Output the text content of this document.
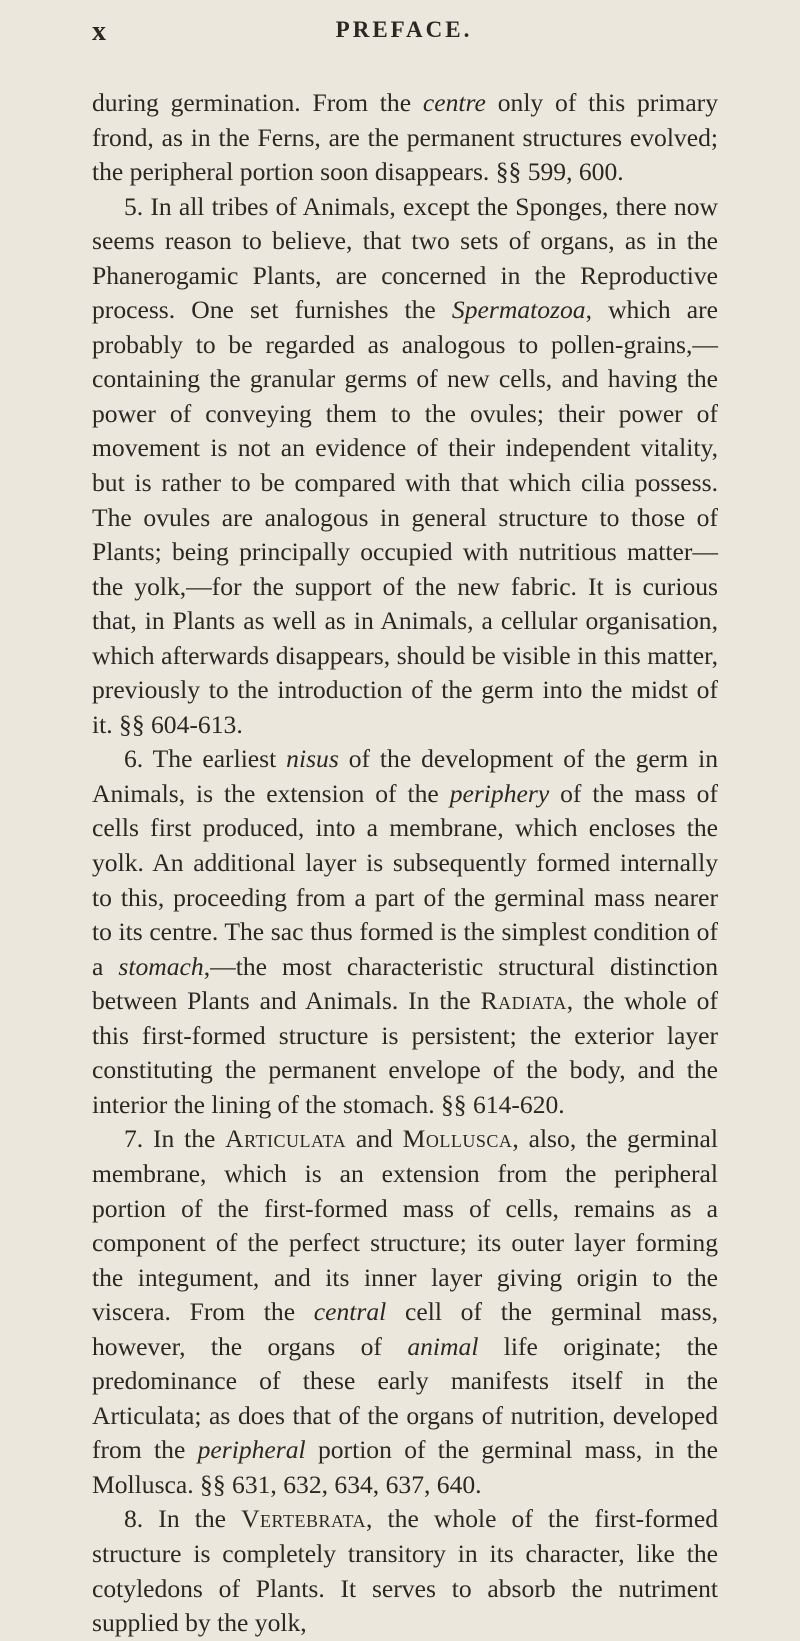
x	PREFACE.

during germination. From the centre only of this primary frond, as in the Ferns, are the permanent structures evolved; the peripheral portion soon disappears. §§ 599, 600.

5. In all tribes of Animals, except the Sponges, there now seems reason to believe, that two sets of organs, as in the Phanerogamic Plants, are concerned in the Reproductive process. One set furnishes the Spermatozoa, which are probably to be regarded as analogous to pollen-grains,—containing the granular germs of new cells, and having the power of conveying them to the ovules; their power of movement is not an evidence of their independent vitality, but is rather to be compared with that which cilia possess. The ovules are analogous in general structure to those of Plants; being principally occupied with nutritious matter—the yolk,—for the support of the new fabric. It is curious that, in Plants as well as in Animals, a cellular organisation, which afterwards disappears, should be visible in this matter, previously to the introduction of the germ into the midst of it. §§ 604-613.

6. The earliest nisus of the development of the germ in Animals, is the extension of the periphery of the mass of cells first produced, into a membrane, which encloses the yolk. An additional layer is subsequently formed internally to this, proceeding from a part of the germinal mass nearer to its centre. The sac thus formed is the simplest condition of a stomach,—the most characteristic structural distinction between Plants and Animals. In the Radiata, the whole of this first-formed structure is persistent; the exterior layer constituting the permanent envelope of the body, and the interior the lining of the stomach. §§ 614-620.

7. In the Articulata and Mollusca, also, the germinal membrane, which is an extension from the peripheral portion of the first-formed mass of cells, remains as a component of the perfect structure; its outer layer forming the integument, and its inner layer giving origin to the viscera. From the central cell of the germinal mass, however, the organs of animal life originate; the predominance of these early manifests itself in the Articulata; as does that of the organs of nutrition, developed from the peripheral portion of the germinal mass, in the Mollusca. §§ 631, 632, 634, 637, 640.

8. In the Vertebrata, the whole of the first-formed structure is completely transitory in its character, like the cotyledons of Plants. It serves to absorb the nutriment supplied by the yolk,
